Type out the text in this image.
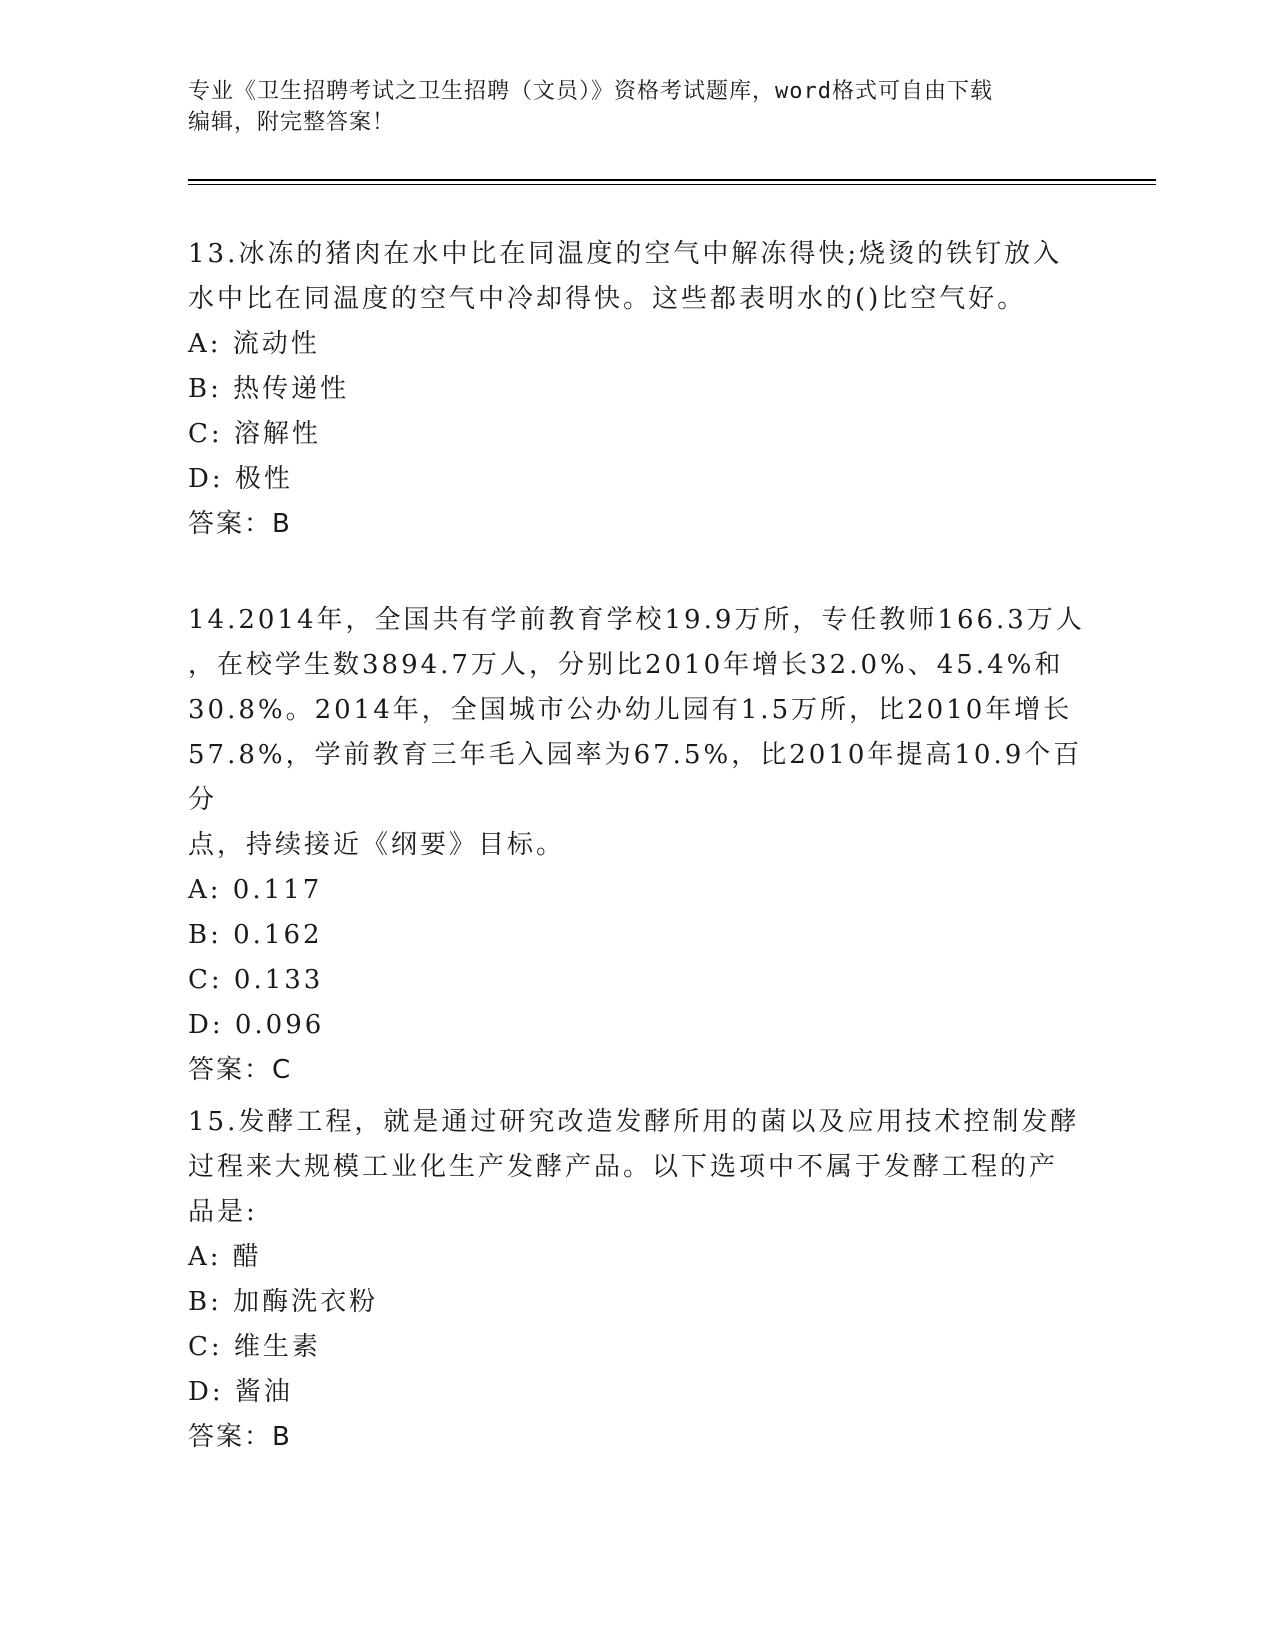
专业《卫生招聘考试之卫生招聘（文员）》资格考试题库，word格式可自由下载
编辑，附完整答案！

13.冰冻的猪肉在水中比在同温度的空气中解冻得快;烧烫的铁钉放入

水中比在同温度的空气中冷却得快。这些都表明水的()比空气好。

A: 流动性

B: 热传递性

C: 溶解性

D: 极性

答案：B

14.2014年，全国共有学前教育学校19.9万所，专任教师166.3万人

，在校学生数3894.7万人，分别比2010年增长32.0%、45.4%和

30.8%。2014年，全国城市公办幼儿园有1.5万所，比2010年增长

57.8%，学前教育三年毛入园率为67.5%，比2010年提高10.9个百分

点，持续接近《纲要》目标。

A: 0.117

B: 0.162

C: 0.133

D: 0.096

答案：C

15.发酵工程，就是通过研究改造发酵所用的菌以及应用技术控制发酵

过程来大规模工业化生产发酵产品。以下选项中不属于发酵工程的产

品是:

A: 醋

B: 加酶洗衣粉

C: 维生素

D: 酱油

答案：B
